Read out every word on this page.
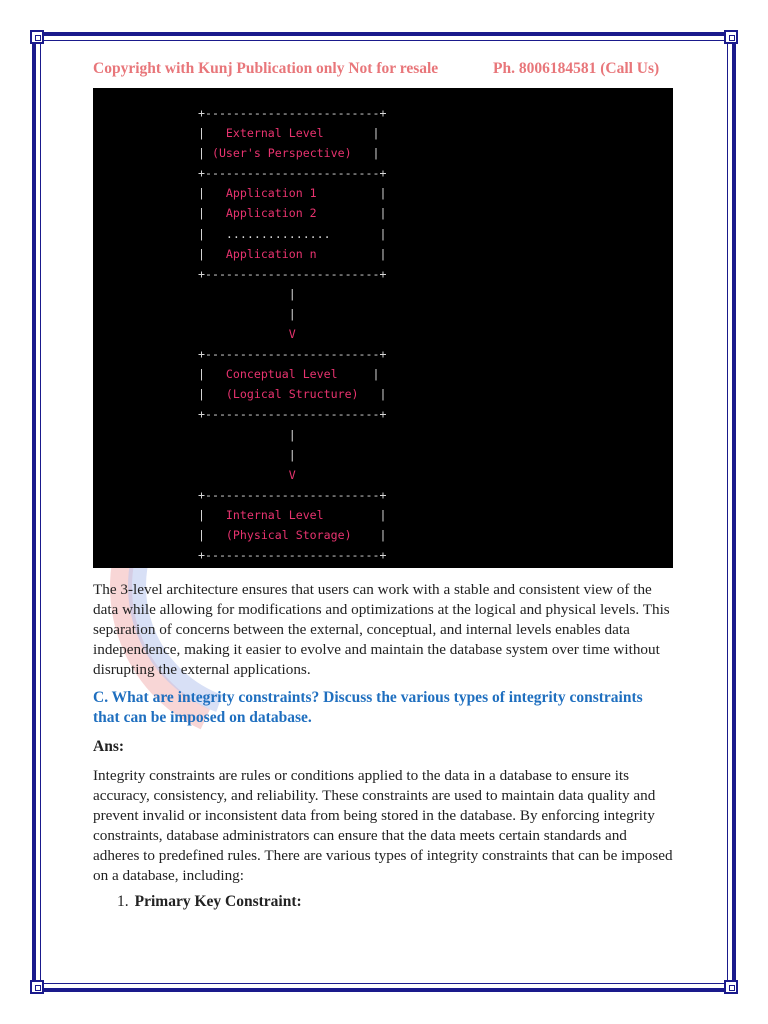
Copyright with Kunj Publication only Not for resale	Ph. 8006184581 (Call Us)
+-------------------------+
|   External Level	|
| (User's Perspective)   |
+-------------------------+
|   Application 1	|
|   Application 2	|
|   ...............	|
|   Application n	|
+-------------------------+
|
|
V
+-------------------------+
|   Conceptual Level	|
|   (Logical Structure)   |
+-------------------------+
|
|
V
+-------------------------+
|   Internal Level	|
|   (Physical Storage)    |
+-------------------------+

The 3-level architecture ensures that users can work with a stable and consistent view of the data while allowing for modifications and optimizations at the logical and physical levels. This separation of concerns between the external, conceptual, and internal levels enables data independence, making it easier to evolve and maintain the database system over time without disrupting the external applications.

C. What are integrity constraints? Discuss the various types of integrity constraints that can be imposed on database.

Ans:

Integrity constraints are rules or conditions applied to the data in a database to ensure its accuracy, consistency, and reliability. These constraints are used to maintain data quality and prevent invalid or inconsistent data from being stored in the database. By enforcing integrity constraints, database administrators can ensure that the data meets certain standards and adheres to predefined rules. There are various types of integrity constraints that can be imposed on a database, including:

1. Primary Key Constraint:
